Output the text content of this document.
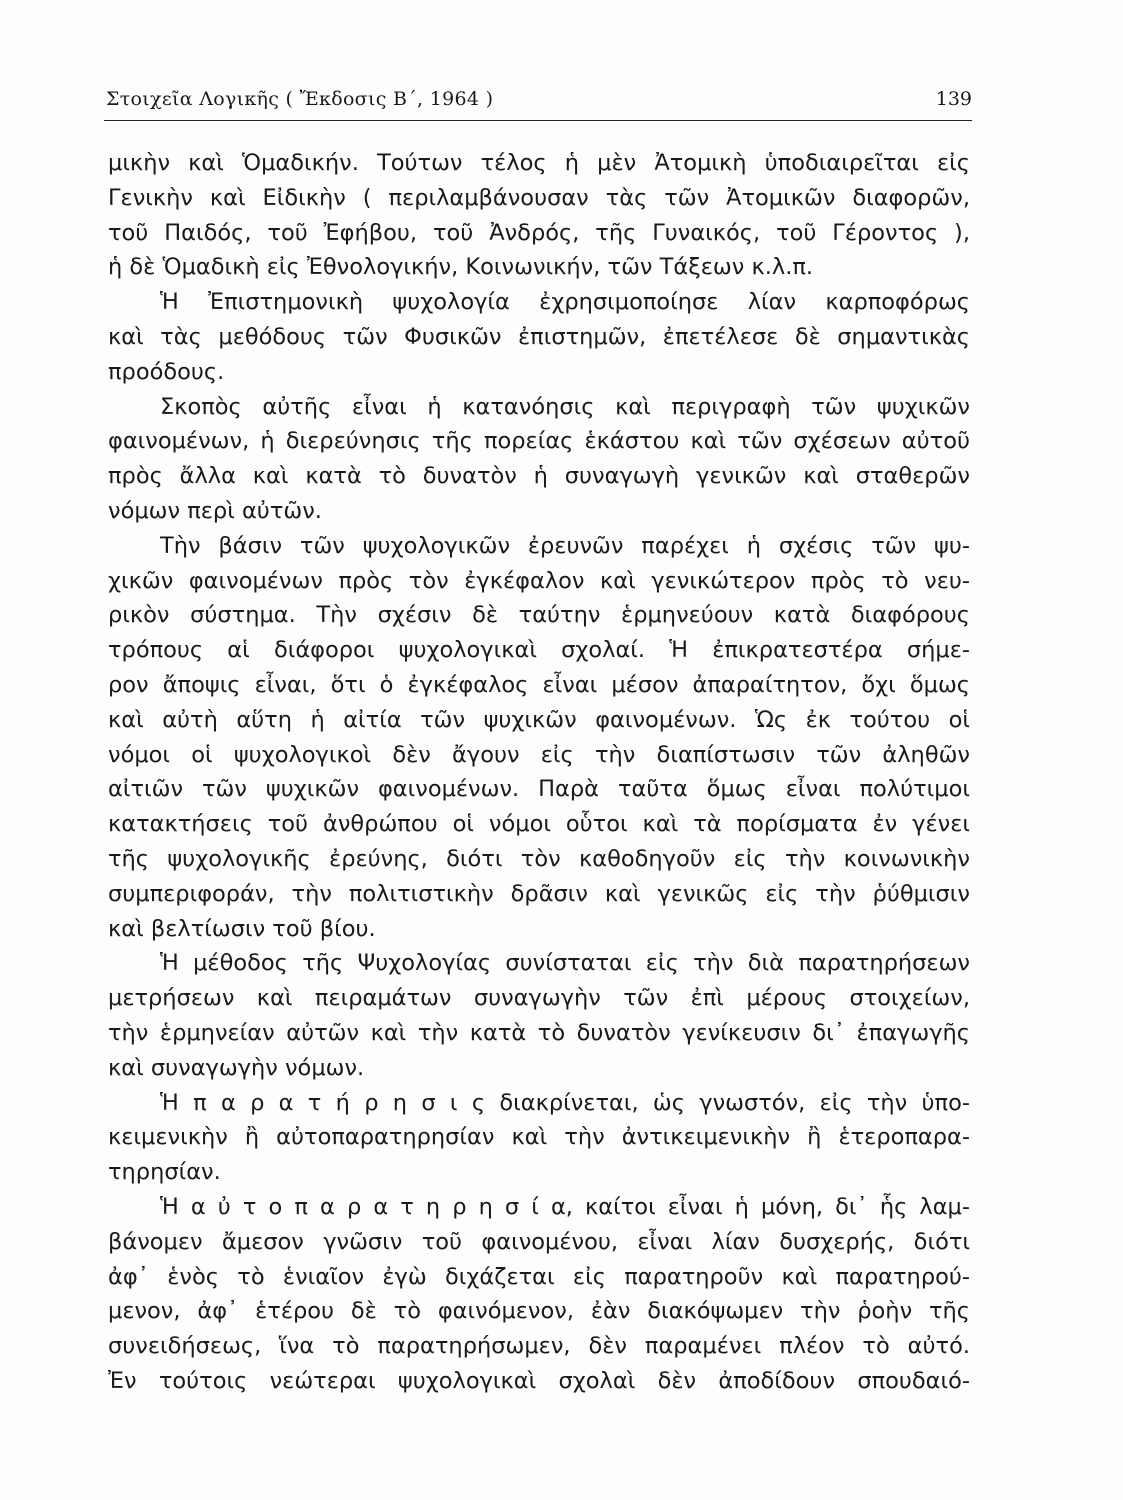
Στοιχεῖα Λογικῆς ( Ἔκδοσις Β΄, 1964 )	139
μικὴν καὶ Ὁμαδικήν. Τούτων τέλος ἡ μὲν Ἀτομικὴ ὑποδιαιρεῖται εἰς
Γενικὴν καὶ Εἰδικὴν ( περιλαμβάνουσαν τὰς τῶν Ἀτομικῶν διαφορῶν,
τοῦ Παιδός, τοῦ Ἐφήβου, τοῦ Ἀνδρός, τῆς Γυναικός, τοῦ Γέροντος ),
ἡ δὲ Ὁμαδικὴ εἰς Ἐθνολογικήν, Κοινωνικήν, τῶν Τάξεων κ.λ.π.
Ἡ Ἐπιστημονικὴ ψυχολογία ἐχρησιμοποίησε λίαν καρποφόρως
καὶ τὰς μεθόδους τῶν Φυσικῶν ἐπιστημῶν, ἐπετέλεσε δὲ σημαντικὰς
προόδους.
Σκοπὸς αὐτῆς εἶναι ἡ κατανόησις καὶ περιγραφὴ τῶν ψυχικῶν
φαινομένων, ἡ διερεύνησις τῆς πορείας ἑκάστου καὶ τῶν σχέσεων αὐτοῦ
πρὸς ἄλλα καὶ κατὰ τὸ δυνατὸν ἡ συναγωγὴ γενικῶν καὶ σταθερῶν
νόμων περὶ αὐτῶν.
Τὴν βάσιν τῶν ψυχολογικῶν ἐρευνῶν παρέχει ἡ σχέσις τῶν ψυ-
χικῶν φαινομένων πρὸς τὸν ἐγκέφαλον καὶ γενικώτερον πρὸς τὸ νευ-
ρικὸν σύστημα. Τὴν σχέσιν δὲ ταύτην ἑρμηνεύουν κατὰ διαφόρους
τρόπους αἱ διάφοροι ψυχολογικαὶ σχολαί. Ἡ ἐπικρατεστέρα σήμε-
ρον ἄποψις εἶναι, ὅτι ὁ ἐγκέφαλος εἶναι μέσον ἀπαραίτητον, ὄχι ὅμως
καὶ αὐτὴ αὕτη ἡ αἰτία τῶν ψυχικῶν φαινομένων. Ὡς ἐκ τούτου οἱ
νόμοι οἱ ψυχολογικοὶ δὲν ἄγουν εἰς τὴν διαπίστωσιν τῶν ἀληθῶν
αἰτιῶν τῶν ψυχικῶν φαινομένων. Παρὰ ταῦτα ὅμως εἶναι πολύτιμοι
κατακτήσεις τοῦ ἀνθρώπου οἱ νόμοι οὗτοι καὶ τὰ πορίσματα ἐν γένει
τῆς ψυχολογικῆς ἐρεύνης, διότι τὸν καθοδηγοῦν εἰς τὴν κοινωνικὴν
συμπεριφοράν, τὴν πολιτιστικὴν δρᾶσιν καὶ γενικῶς εἰς τὴν ῥύθμισιν
καὶ βελτίωσιν τοῦ βίου.
Ἡ μέθοδος τῆς Ψυχολογίας συνίσταται εἰς τὴν διὰ παρατηρήσεων
μετρήσεων καὶ πειραμάτων συναγωγὴν τῶν ἐπὶ μέρους στοιχείων,
τὴν ἑρμηνείαν αὐτῶν καὶ τὴν κατὰ τὸ δυνατὸν γενίκευσιν δι᾿ ἐπαγωγῆς
καὶ συναγωγὴν νόμων.
Ἡ π α ρ α τ ή ρ η σ ι ς διακρίνεται, ὡς γνωστόν, εἰς τὴν ὑπο-
κειμενικὴν ἢ αὐτοπαρατηρησίαν καὶ τὴν ἀντικειμενικὴν ἢ ἑτεροπαρα-
τηρησίαν.
Ἡ α ὐ τ ο π α ρ α τ η ρ η σ ί α, καίτοι εἶναι ἡ μόνη, δι᾿ ἧς λαμ-
βάνομεν ἄμεσον γνῶσιν τοῦ φαινομένου, εἶναι λίαν δυσχερής, διότι
ἀφ᾿ ἑνὸς τὸ ἑνιαῖον ἐγὼ διχάζεται εἰς παρατηροῦν καὶ παρατηρού-
μενον, ἀφ᾿ ἑτέρου δὲ τὸ φαινόμενον, ἐὰν διακόψωμεν τὴν ῥοὴν τῆς
συνειδήσεως, ἵνα τὸ παρατηρήσωμεν, δὲν παραμένει πλέον τὸ αὐτό.
Ἐν τούτοις νεώτεραι ψυχολογικαὶ σχολαὶ δὲν ἀποδίδουν σπουδαιό-
